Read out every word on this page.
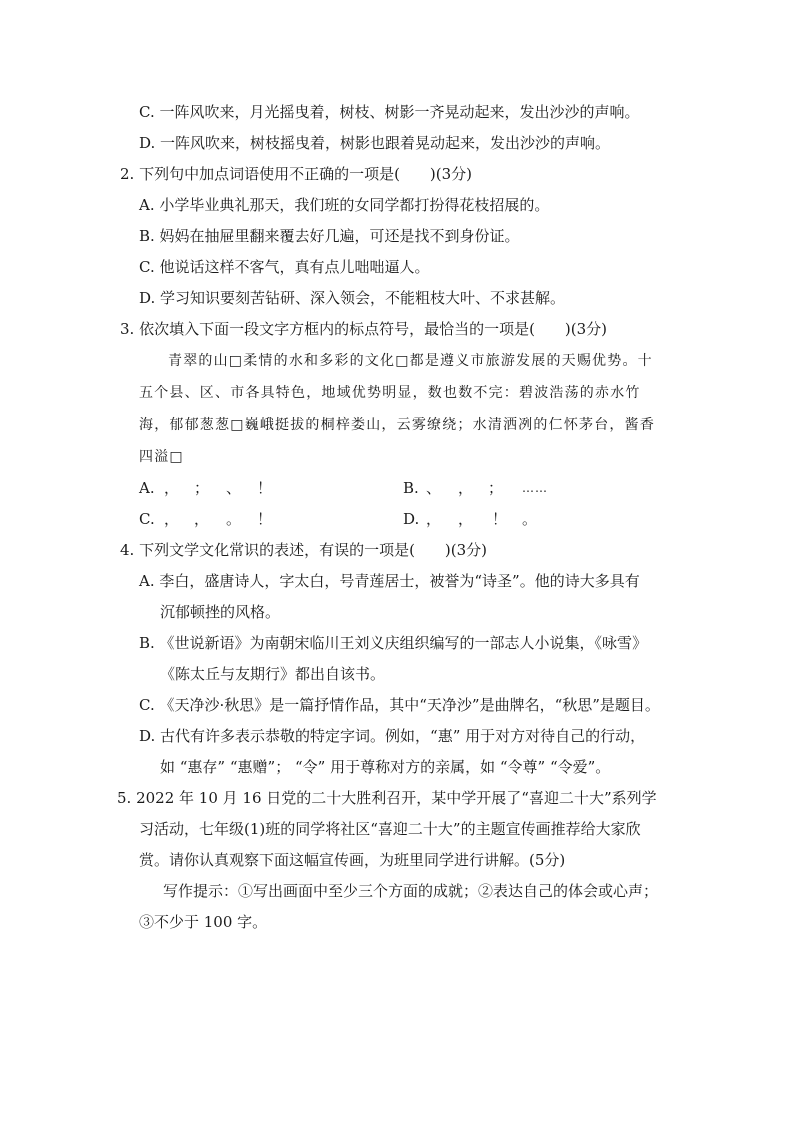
C. 一阵风吹来，月光摇曳着，树枝、树影一齐晃动起来，发出沙沙的声响。
D. 一阵风吹来，树枝摇曳着，树影也跟着晃动起来，发出沙沙的声响。
2. 下列句中加点词语使用不正确的一项是(　　)(3分)
A. 小学毕业典礼那天，我们班的女同学都打扮得花枝招展的。
B. 妈妈在抽屉里翻来覆去好几遍，可还是找不到身份证。
C. 他说话这样不客气，真有点儿咄咄逼人。
D. 学习知识要刻苦钻研、深入领会，不能粗枝大叶、不求甚解。
3. 依次填入下面一段文字方框内的标点符号，最恰当的一项是(　　)(3分)
青翠的山□柔情的水和多彩的文化□都是遵义市旅游发展的天赐优势。十
五个县、区、市各具特色，地域优势明显，数也数不完：碧波浩荡的赤水竹
海，郁郁葱葱□巍峨挺拔的桐梓娄山，云雾缭绕；水清洒冽的仁怀茅台，酱香
四溢□
A. ， ； 、 ！	B. 、 ， ； ……
C. ， ， 。 ！	D. ， ， ！ 。
4. 下列文学文化常识的表述，有误的一项是(　　)(3分)
A. 李白，盛唐诗人，字太白，号青莲居士，被誉为“诗圣”。他的诗大多具有
沉郁顿挫的风格。
B. 《世说新语》为南朝宋临川王刘义庆组织编写的一部志人小说集，《咏雪》
《陈太丘与友期行》都出自该书。
C. 《天净沙·秋思》是一篇抒情作品，其中“天净沙”是曲牌名，“秋思”是题目。
D. 古代有许多表示恭敬的特定字词。例如，“惠” 用于对方对待自己的行动，
如 “惠存” “惠赠”； “令” 用于尊称对方的亲属，如 “令尊” “令爱”。
5. 2022 年 10 月 16 日党的二十大胜利召开，某中学开展了“喜迎二十大”系列学
习活动，七年级(1)班的同学将社区“喜迎二十大”的主题宣传画推荐给大家欣
赏。请你认真观察下面这幅宣传画，为班里同学进行讲解。(5分)
写作提示：①写出画面中至少三个方面的成就；②表达自己的体会或心声；
③不少于 100 字。
